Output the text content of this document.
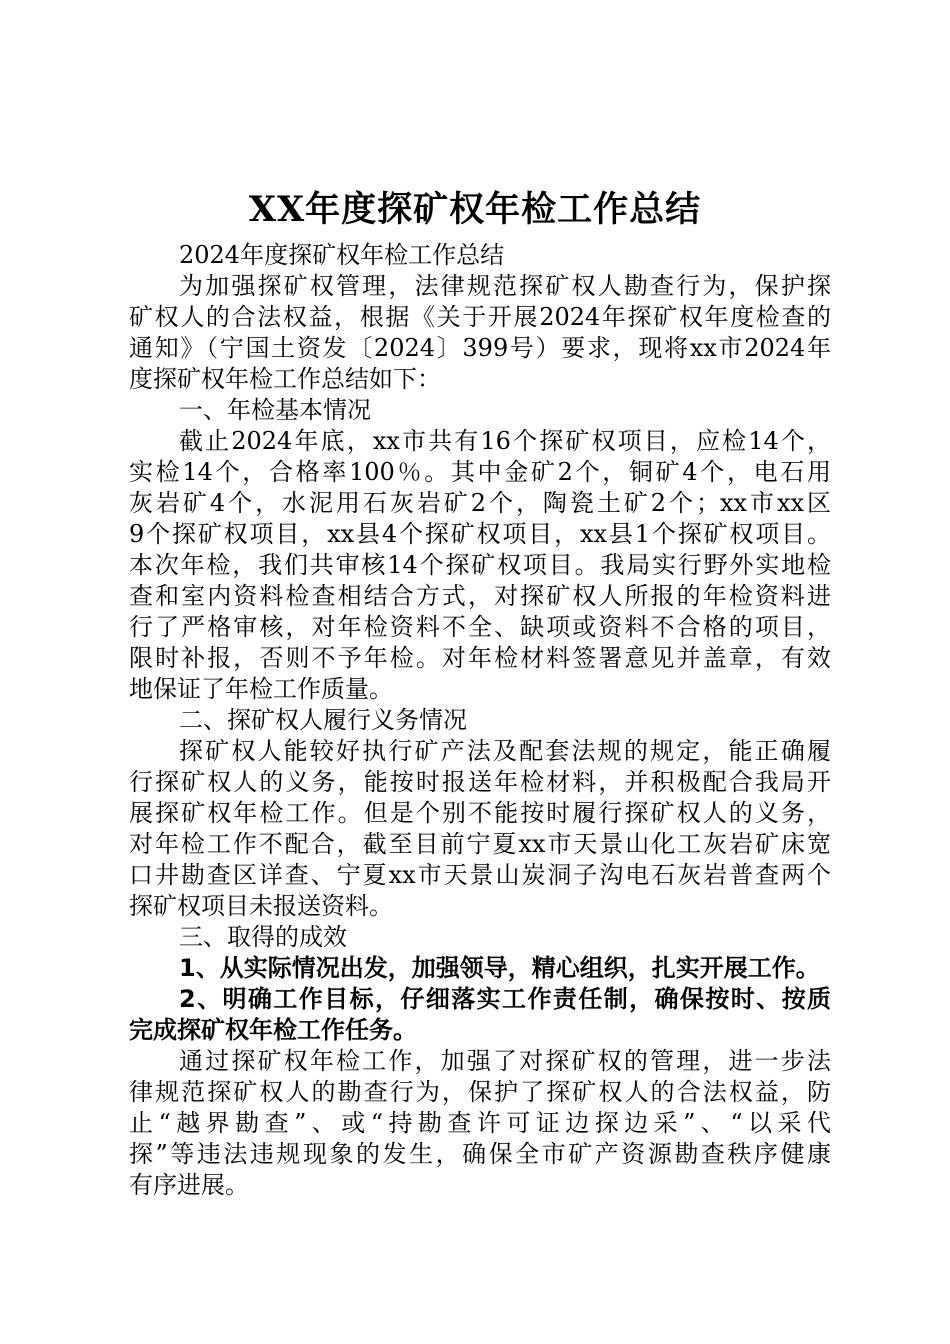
XX年度探矿权年检工作总结

2024年度探矿权年检工作总结

为加强探矿权管理，法律规范探矿权人勘查行为，保护探

矿权人的合法权益，根据《关于开展2024年探矿权年度检查的

通知》（宁国土资发〔2024〕399号）要求，现将xx市2024年

度探矿权年检工作总结如下：

一、年检基本情况

截止2024年底，xx市共有16个探矿权项目，应检14个，

实检14个，合格率100％。其中金矿2个，铜矿4个，电石用

灰岩矿4个，水泥用石灰岩矿2个，陶瓷土矿2个；xx市xx区

9个探矿权项目，xx县4个探矿权项目，xx县1个探矿权项目。

本次年检，我们共审核14个探矿权项目。我局实行野外实地检

查和室内资料检查相结合方式，对探矿权人所报的年检资料进

行了严格审核，对年检资料不全、缺项或资料不合格的项目，

限时补报，否则不予年检。对年检材料签署意见并盖章，有效

地保证了年检工作质量。

二、探矿权人履行义务情况

探矿权人能较好执行矿产法及配套法规的规定，能正确履

行探矿权人的义务，能按时报送年检材料，并积极配合我局开

展探矿权年检工作。但是个别不能按时履行探矿权人的义务，

对年检工作不配合，截至目前宁夏xx市天景山化工灰岩矿床宽

口井勘查区详查、宁夏xx市天景山炭洞子沟电石灰岩普查两个

探矿权项目未报送资料。

三、取得的成效

1、从实际情况出发，加强领导，精心组织，扎实开展工作。

2、明确工作目标，仔细落实工作责任制，确保按时、按质

完成探矿权年检工作任务。

通过探矿权年检工作，加强了对探矿权的管理，进一步法

律规范探矿权人的勘查行为，保护了探矿权人的合法权益，防

止“越界勘查”、或“持勘查许可证边探边采”、“以采代

探”等违法违规现象的发生，确保全市矿产资源勘查秩序健康

有序进展。
